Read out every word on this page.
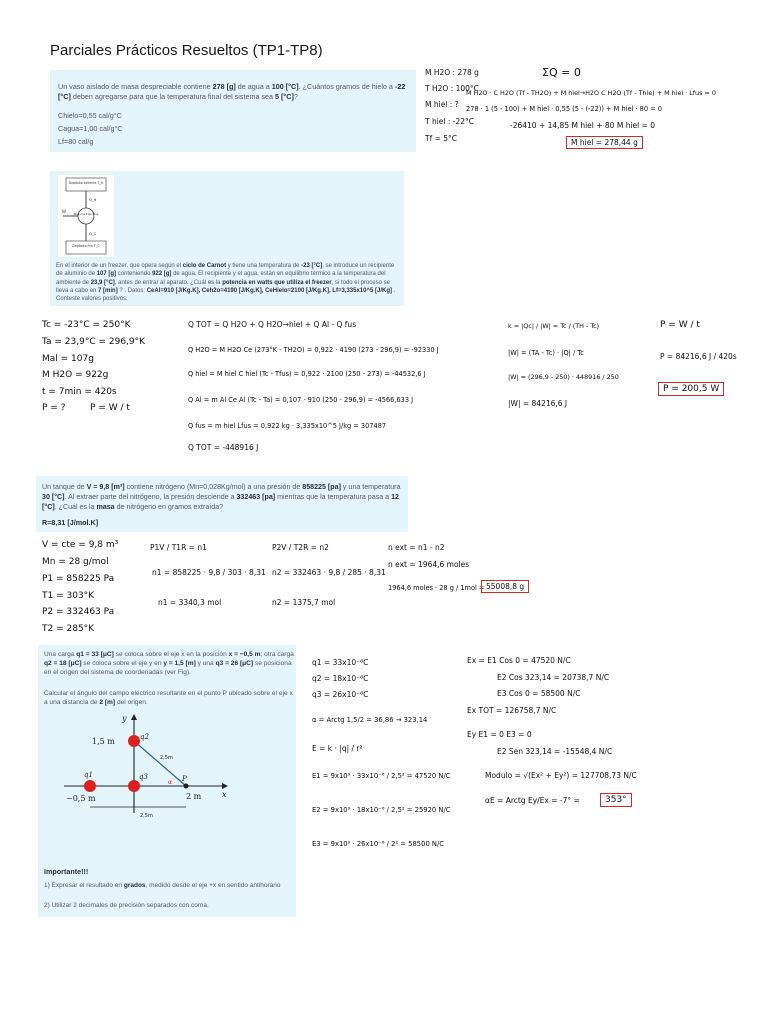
Parciales Prácticos Resueltos (TP1-TP8)
Un vaso aislado de masa despreciable contiene 278 [g] de agua a 100 [°C]. ¿Cuántos gramos de hielo a -22 [°C] deben agregarse para que la temperatura final del sistema sea 5 [°C]?
Chielo=0,55 cal/g°C
Cagua=1,00 cal/g°C
Lf=80 cal/g
M H2O : 278 g
T H2O : 100°C
M hiel : ?
T hiel : -22°C
Tf = 5°C
ΣQ = 0
M H2O · C H2O (Tf - TH2O) + M hiel→H2O C H2O (Tf - Thie) + M hiel · Lfus = 0
278 · 1 (5 - 100) + M hiel · 0,55 (5 - (-22)) + M hiel · 80 = 0
-26410 + 14,85 M hiel + 80 M hiel = 0
M hiel = 278,44 g
Depósito caliente T_H
Máquina frigorífica
W
Depósito frío T_C
Q_H
Q_C
En el interior de un freezer, que opera según el ciclo de Carnot y tiene una temperatura de -23 [°C], se introduce un recipiente de aluminio de 107 [g] conteniendo 922 [g] de agua. El recipiente y el agua, están en equilibrio térmico a la temperatura del ambiente de 23,9 [°C], antes de entrar al aparato. ¿Cuál es la potencia en watts que utiliza el freezer, si todo el proceso se lleva a cabo en 7 [min] ? . Datos: CeAl=910 [J/Kg.K], Ceh2o=4190 [J/Kg.K], CeHielo=2100 [J/Kg.K], Lf=3,335x10^5 [J/Kg] . Conteste valores positivos.
Tc = -23°C = 250°K
Ta = 23,9°C = 296,9°K
Mal = 107g
M H2O = 922g
t = 7min = 420s
P = ?	P = W / t
Q TOT = Q H2O + Q H2O→hiel + Q Al - Q fus
Q H2O = M H2O Ce (273°K - TH2O) = 0,922 · 4190 (273 - 296,9) = -92330 J
Q hiel = M hiel C hiel (Tc - Tfus) = 0,922 · 2100 (250 - 273) = -44532,6 J
Q Al = m Al Ce Al (Tc - Ta) = 0,107 · 910 (250 - 296,9) = -4566,633 J
Q fus = m hiel Lfus = 0,922 kg · 3,335x10^5 J/kg = 307487
Q TOT = -448916 J
k = |Qc| / |W| = Tc / (TH - Tc)
|W| = (TA - Tc) · |Q| / Tc
|W| = (296,9 - 250) · 448916 / 250
|W| = 84216,6 J
P = W / t
P = 84216,6 J / 420s
P = 200,5 W
Un tanque de V = 9,8 [m³] contiene nitrógeno (Mn=0,028Kg/mol) a una presión de 858225 [pa] y una temperatura 30 [°C]. Al extraer parte del nitrógeno, la presión desciende a 332463 [pa] mientras que la temperatura pasa a 12 [°C]. ¿Cuál es la masa de nitrógeno en gramos extraída?
R=8,31 [J/mol.K]
V = cte = 9,8 m³
Mn = 28 g/mol
P1 = 858225 Pa
T1 = 303°K
P2 = 332463 Pa
T2 = 285°K
P1V / T1R = n1
n1 = 858225 · 9,8 / 303 · 8,31
n1 = 3340,3 mol
P2V / T2R = n2
n2 = 332463 · 9,8 / 285 · 8,31
n2 = 1375,7 mol
n ext = n1 - n2
n ext = 1964,6 moles
1964,6 moles · 28 g / 1mol = 55008,8 g
Una carga q1 = 33 [μC] se coloca sobre el eje x en la posición x = −0,5 m; otra carga q2 = 18 [μC] se coloca sobre el eje y en y = 1,5 [m] y una q3 = 26 [μC] se posiciona en el origen del sistema de coordenadas (ver Fig).
Calcular el ángulo del campo eléctrico resultante en el punto P ubicado sobre el eje x a una distancia de 2 [m] del origen.
y
x
q1
q2
q3	P
1,5 m
−0,5 m	2 m
2,5m
2,5m
α
Importante!!!
1) Expresar el resultado en grados, medido desde el eje +x en sentido antihorario
2) Utilizar 2 decimales de precisión separados con coma.
q1 = 33x10⁻⁶C
q2 = 18x10⁻⁶C
q3 = 26x10⁻⁶C
α = Arctg 1,5/2 = 36,86 → 323,14
E = k · |q| / r²
E1 = 9x10⁹ · 33x10⁻⁶ / 2,5² = 47520 N/C
E2 = 9x10⁹ · 18x10⁻⁶ / 2,5² = 25920 N/C
E3 = 9x10⁹ · 26x10⁻⁶ / 2² = 58500 N/C
Ex = E1 Cos 0 = 47520 N/C
E2 Cos 323,14 = 20738,7 N/C
E3 Cos 0 = 58500 N/C
Ex TOT = 126758,7 N/C
Ey E1 = 0 E3 = 0
E2 Sen 323,14 = -15548,4 N/C
Modulo = √(Ex² + Ey²) = 127708,73 N/C
αE = Arctg Ey/Ex = -7° =	353°
